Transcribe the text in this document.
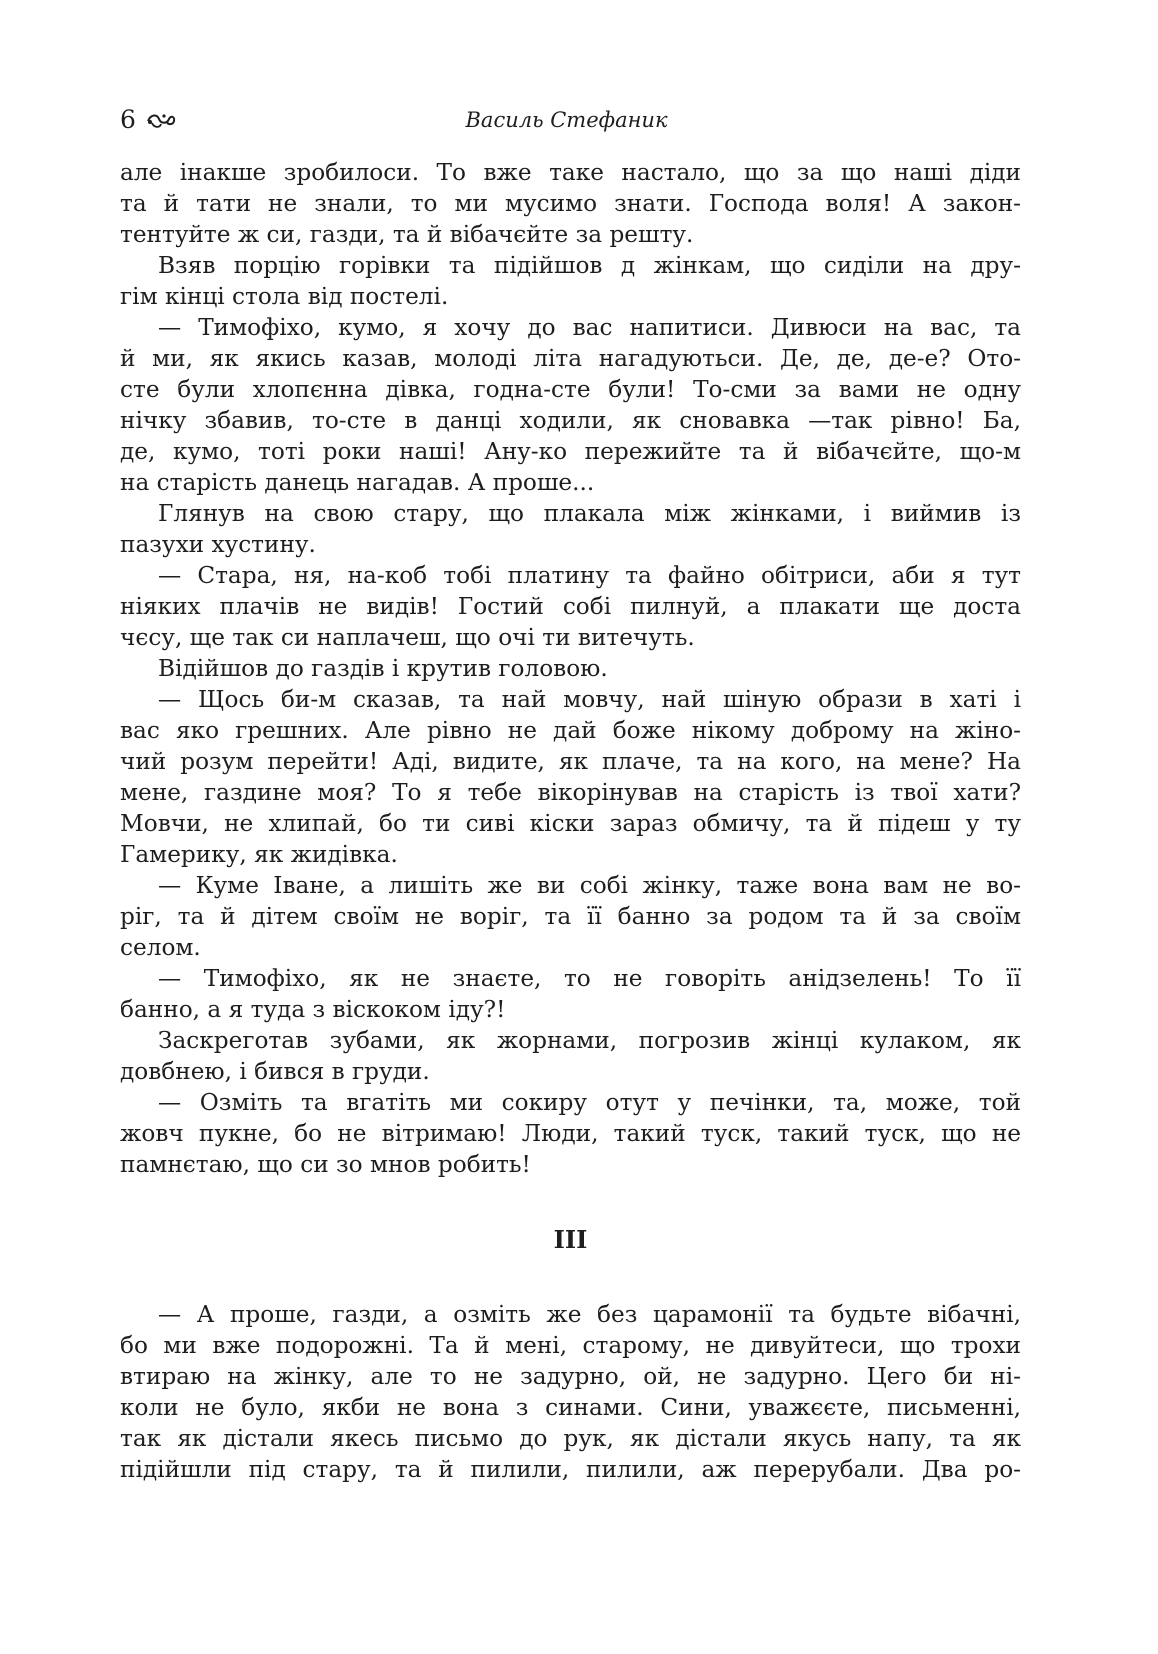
6	Василь Стефаник
але інакше зробилоси. То вже таке настало, що за що наші діди
та й тати не знали, то ми мусимо знати. Господа воля! А закон-
тентуйте ж си, газди, та й вібачєйте за решту.
Взяв порцію горівки та підійшов д жінкам, що сиділи на дру-
гім кінці стола від постелі.
— Тимофіхо, кумо, я хочу до вас напитиси. Дивюси на вас, та
й ми, як якись казав, молоді літа нагадуютьси. Де, де, де-е? Ото-
сте були хлопєнна дівка, годна-сте були! То-сми за вами не одну
нічку збавив, то-сте в данці ходили, як сновавка —так рівно! Ба,
де, кумо, тоті роки наші! Ану-ко пережийте та й вібачєйте, що-м
на старість данець нагадав. А проше...
Глянув на свою стару, що плакала між жінками, і виймив із
пазухи хустину.
— Стара, ня, на-коб тобі платину та файно обітриси, аби я тут
ніяких плачів не видів! Гостий собі пилнуй, а плакати ще доста
чєсу, ще так си наплачеш, що очі ти витечуть.
Відійшов до газдів і крутив головою.
— Щось би-м сказав, та най мовчу, най шіную образи в хаті і
вас яко грешних. Але рівно не дай боже нікому доброму на жіно-
чий розум перейти! Аді, видите, як плаче, та на кого, на мене? На
мене, газдине моя? То я тебе вікорінував на старість із твої хати?
Мовчи, не хлипай, бо ти сиві кіски зараз обмичу, та й підеш у ту
Гамерику, як жидівка.
— Куме Іване, а лишіть же ви собі жінку, таже вона вам не во-
ріг, та й дітем своїм не воріг, та її банно за родом та й за своїм
селом.
— Тимофіхо, як не знаєте, то не говоріть анідзелень! То її
банно, а я туда з віскоком іду?!
Заскреготав зубами, як жорнами, погрозив жінці кулаком, як
довбнею, і бився в груди.
— Озміть та вгатіть ми сокиру отут у печінки, та, може, той
жовч пукне, бо не вітримаю! Люди, такий туск, такий туск, що не
памнєтаю, що си зо мнов робить!
III
— А проше, газди, а озміть же без царамонії та будьте вібачні,
бо ми вже подорожні. Та й мені, старому, не дивуйтеси, що трохи
втираю на жінку, але то не задурно, ой, не задурно. Цего би ні-
коли не було, якби не вона з синами. Сини, уважєєте, письменні,
так як дістали якесь письмо до рук, як дістали якусь напу, та як
підійшли під стару, та й пилили, пилили, аж перерубали. Два ро-
